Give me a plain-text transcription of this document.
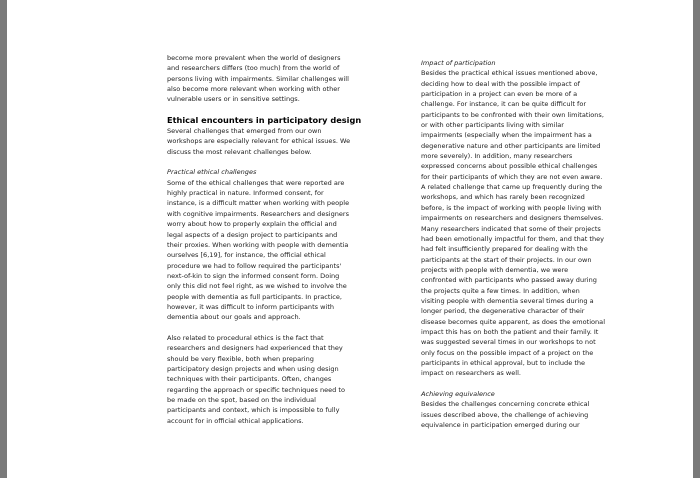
become more prevalent when the world of designers
and researchers differs (too much) from the world of
persons living with impairments. Similar challenges will
also become more relevant when working with other
vulnerable users or in sensitive settings.
Ethical encounters in participatory design
Several challenges that emerged from our own
workshops are especially relevant for ethical issues. We
discuss the most relevant challenges below.
Practical ethical challenges
Some of the ethical challenges that were reported are
highly practical in nature. Informed consent, for
instance, is a difficult matter when working with people
with cognitive impairments. Researchers and designers
worry about how to properly explain the official and
legal aspects of a design project to participants and
their proxies. When working with people with dementia
ourselves [6,19], for instance, the official ethical
procedure we had to follow required the participants'
next-of-kin to sign the informed consent form. Doing
only this did not feel right, as we wished to involve the
people with dementia as full participants. In practice,
however, it was difficult to inform participants with
dementia about our goals and approach.
Also related to procedural ethics is the fact that
researchers and designers had experienced that they
should be very flexible, both when preparing
participatory design projects and when using design
techniques with their participants. Often, changes
regarding the approach or specific techniques need to
be made on the spot, based on the individual
participants and context, which is impossible to fully
account for in official ethical applications.
Impact of participation
Besides the practical ethical issues mentioned above,
deciding how to deal with the possible impact of
participation in a project can even be more of a
challenge. For instance, it can be quite difficult for
participants to be confronted with their own limitations,
or with other participants living with similar
impairments (especially when the impairment has a
degenerative nature and other participants are limited
more severely). In addition, many researchers
expressed concerns about possible ethical challenges
for their participants of which they are not even aware.
A related challenge that came up frequently during the
workshops, and which has rarely been recognized
before, is the impact of working with people living with
impairments on researchers and designers themselves.
Many researchers indicated that some of their projects
had been emotionally impactful for them, and that they
had felt insufficiently prepared for dealing with the
participants at the start of their projects. In our own
projects with people with dementia, we were
confronted with participants who passed away during
the projects quite a few times. In addition, when
visiting people with dementia several times during a
longer period, the degenerative character of their
disease becomes quite apparent, as does the emotional
impact this has on both the patient and their family. It
was suggested several times in our workshops to not
only focus on the possible impact of a project on the
participants in ethical approval, but to include the
impact on researchers as well.
Achieving equivalence
Besides the challenges concerning concrete ethical
issues described above, the challenge of achieving
equivalence in participation emerged during our
